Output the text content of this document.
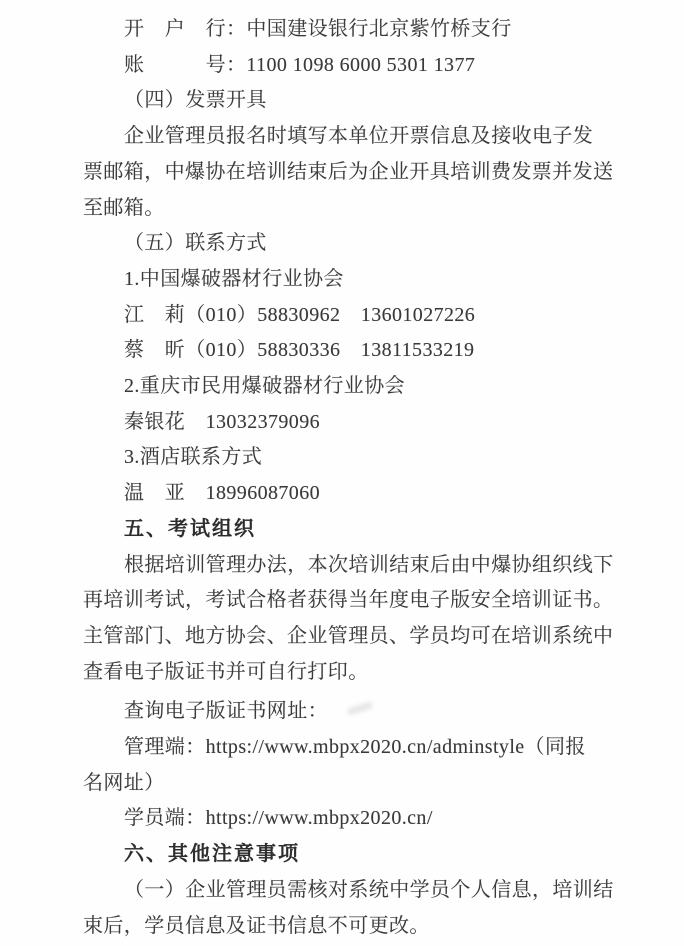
开　户　行：中国建设银行北京紫竹桥支行
账　　　号：1100 1098 6000 5301 1377
（四）发票开具
企业管理员报名时填写本单位开票信息及接收电子发
票邮箱，中爆协在培训结束后为企业开具培训费发票并发送
至邮箱。
（五）联系方式
1.中国爆破器材行业协会
江　莉（010）58830962　13601027226
蔡　昕（010）58830336　13811533219
2.重庆市民用爆破器材行业协会
秦银花　13032379096
3.酒店联系方式
温　亚　18996087060
五、考试组织
根据培训管理办法，本次培训结束后由中爆协组织线下
再培训考试，考试合格者获得当年度电子版安全培训证书。
主管部门、地方协会、企业管理员、学员均可在培训系统中
查看电子版证书并可自行打印。
查询电子版证书网址：
管理端：https://www.mbpx2020.cn/adminstyle（同报
名网址）
学员端：https://www.mbpx2020.cn/
六、其他注意事项
（一）企业管理员需核对系统中学员个人信息，培训结
束后，学员信息及证书信息不可更改。
